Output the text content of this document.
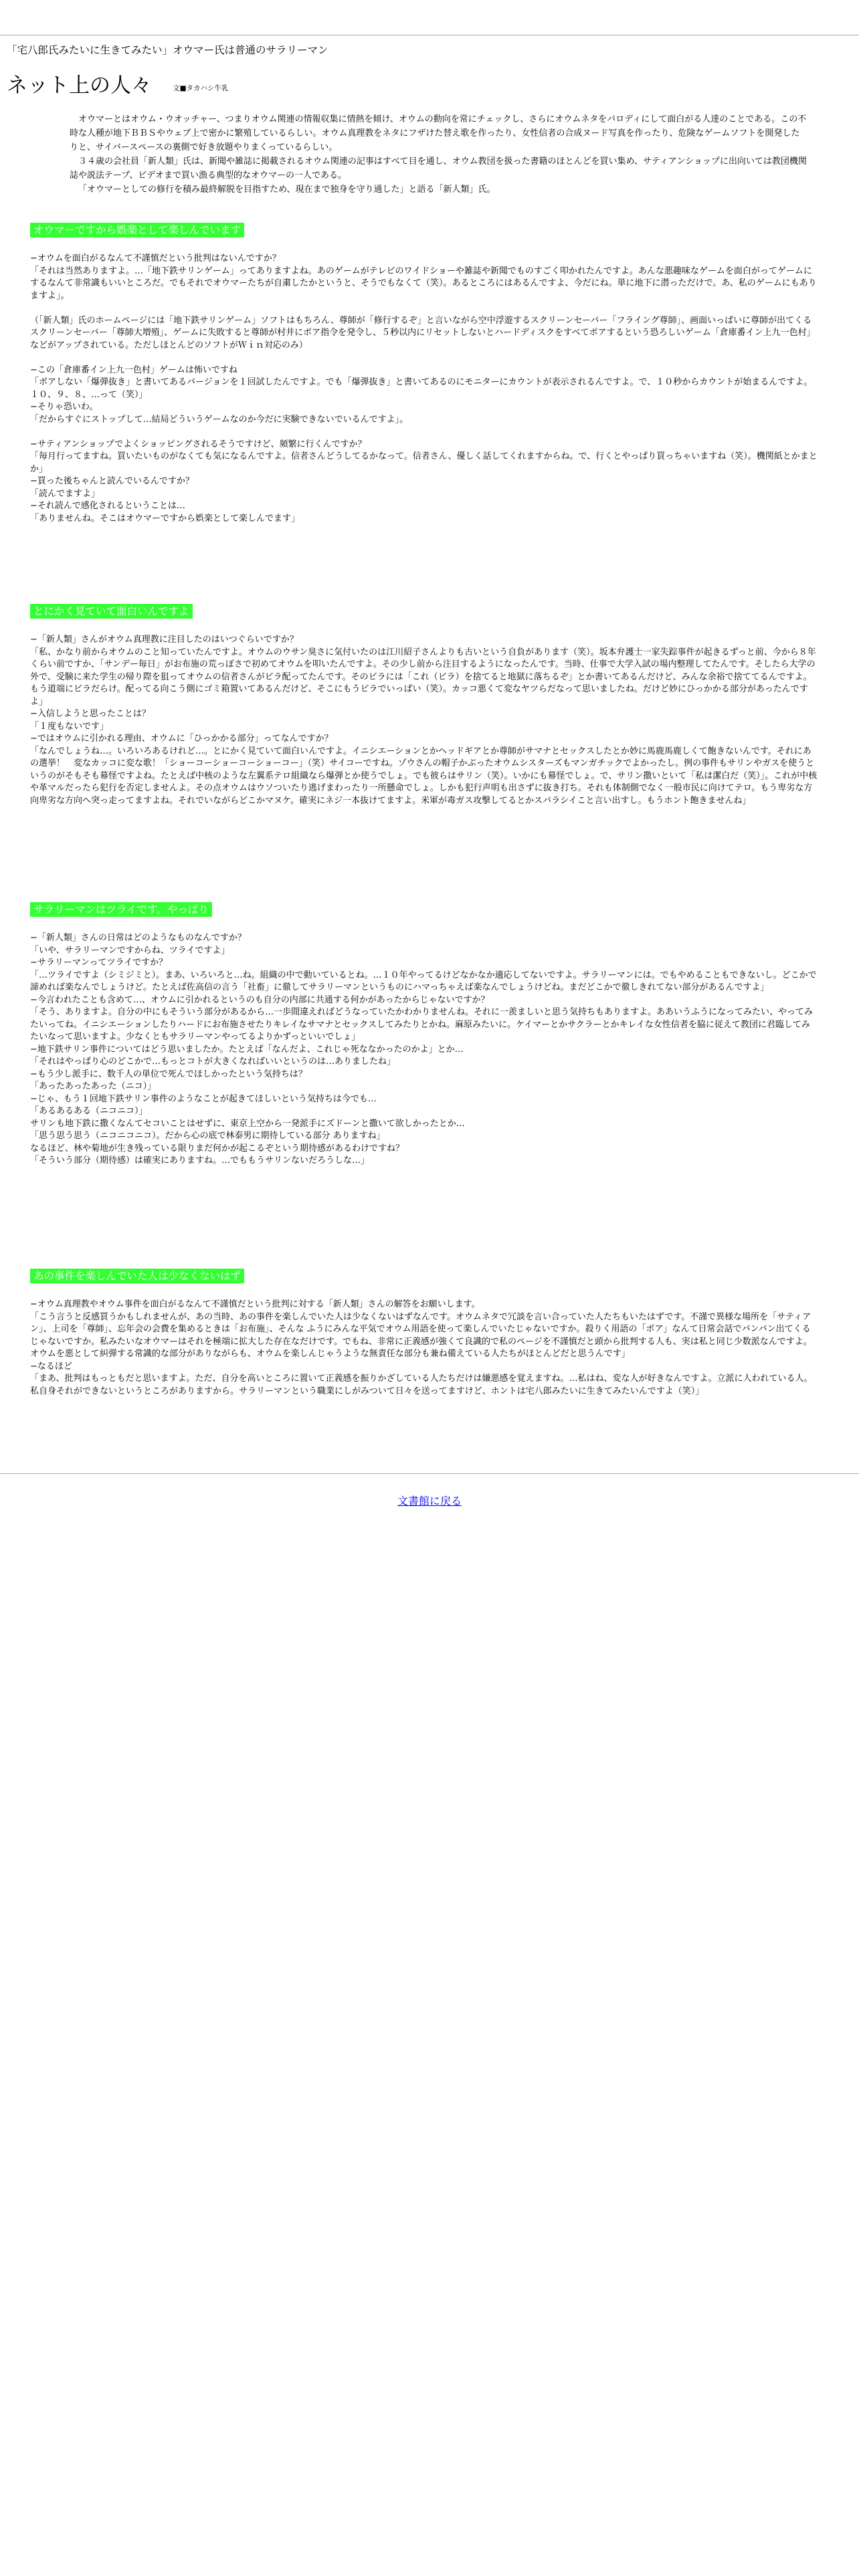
「宅八郎氏みたいに生きてみたい」オウマー氏は普通のサラリーマン

ネット上の人々	文■タカハシ牛乳

オウマーとはオウム・ウオッチャー、つまりオウム関連の情報収集に情熱を傾け、オウムの動向を常にチェックし、さらにオウムネタをパロディにして面白がる人達のことである。この不時な人種が地下ＢＢＳやウェブ上で密かに繁殖しているらしい。オウム真理教をネタにフザけた替え歌を作ったり、女性信者の合成ヌード写真を作ったり、危険なゲームソフトを開発したりと、サイバースペースの裏側で好き放題やりまくっているらしい。

３４歳の会社員「新人類」氏は、新聞や雑誌に掲載されるオウム関連の記事はすべて目を通し、オウム教団を扱った書籍のほとんどを買い集め、サティアンショップに出向いては教団機関誌や説法テープ、ビデオまで買い漁る典型的なオウマーの一人である。

「オウマーとしての修行を積み最終解脱を目指すため、現在まで独身を守り通した」と語る「新人類」氏。

オウマーですから娯楽として楽しんでいます

−オウムを面白がるなんて不謹慎だという批判はないんですか？
「それは当然ありますよ。…「地下鉄サリンゲーム」ってありますよね。あのゲームがテレビのワイドショーや雑誌や新聞でものすごく叩かれたんですよ。あんな悪趣味なゲームを面白がってゲームにするなんて非常識もいいところだ。でもそれでオウマーたちが自粛したかというと、そうでもなくて（笑）。あるところにはあるんですよ、今だにね。単に地下に潜っただけで。あ、私のゲームにもありますよ」。

（「新人類」氏のホームページには「地下鉄サリンゲーム」ソフトはもちろん、尊師が「修行するぞ」と言いながら空中浮遊するスクリーンセーバー「フライング尊師」、画面いっぱいに尊師が出てくるスクリーンセーバー「尊師大増殖」、ゲームに失敗すると尊師が村井にポア指令を発令し、５秒以内にリセットしないとハードディスクをすべてポアするという恐ろしいゲーム「倉庫番イン上九一色村」などがアップされている。ただしほとんどのソフトがＷｉｎ対応のみ）

−この「倉庫番イン上九一色村」ゲームは怖いですね
「ボアしない「爆弾抜き」と書いてあるバージョンを１回試したんですよ。でも「爆弾抜き」と書いてあるのにモニターにカウントが表示されるんですよ。で、１０秒からカウントが始まるんですよ。１０、９、８、…って（笑）」
−そりゃ恐いわ。
「だからすぐにストップして…結局どういうゲームなのか今だに実験できないでいるんですよ」。

−サティアンショップでよくショッピングされるそうですけど、頻繁に行くんですか？
「毎月行ってますね。買いたいものがなくても気になるんですよ。信者さんどうしてるかなって。信者さん、優しく話してくれますからね。で、行くとやっぱり買っちゃいますね（笑）。機関紙とかまとか」
−買った後ちゃんと読んでいるんですか？
「読んでますよ」
−それ読んで感化されるということは…
「ありませんね。そこはオウマーですから娯楽として楽しんでます」

とにかく見ていて面白いんですよ

−「新人類」さんがオウム真理教に注目したのはいつぐらいですか？
「私、かなり前からオウムのこと知っていたんですよ。オウムのウサン臭さに気付いたのは江川紹子さんよりも古いという自負があります（笑）。坂本弁護士一家失踪事件が起きるずっと前、今から８年くらい前ですか、「サンデー毎日」がお布施の荒っぽさで初めてオウムを叩いたんですよ。その少し前から注目するようになったんです。当時、仕事で大学入試の場内整理してたんです。そしたら大学の外で、受験に来た学生の帰り際を狙ってオウムの信者さんがビラ配ってたんです。そのビラには「これ（ビラ）を捨てると地獄に落ちるぞ」とか書いてあるんだけど、みんな余裕で捨ててるんですよ。もう道端にビラだらけ。配ってる向こう側にゴミ箱置いてあるんだけど、そこにもうビラでいっぱい（笑）。カッコ悪くて変なヤツらだなって思いましたね。だけど妙にひっかかる部分があったんですよ」
−入信しようと思ったことは？
「１度もないです」
−ではオウムに引かれる理由、オウムに「ひっかかる部分」ってなんですか？
「なんでしょうね…。いろいろあるけれど…。とにかく見ていて面白いんですよ。イニシエーションとかヘッドギアとか尊師がサマナとセックスしたとか妙に馬鹿馬鹿しくて飽きないんです。それにあの選挙！　変なカッコに変な歌！「ショーコーショーコーショーコー」（笑）サイコーですね。ゾウさんの帽子かぶったオウムシスターズもマンガチックでよかったし。例の事件もサリンやガスを使うというのがそもそも幕怪ですよね。たとえば中核のような左翼系テロ組織なら爆弾とか使うでしょ。でも彼らはサリン（笑）。いかにも幕怪でしょ。で、サリン撒いといて「私は潔白だ（笑）」。これが中核や革マルだったら犯行を否定しませんよ。その点オウムはウソついたり逃げまわったり一所懸命でしょ。しかも犯行声明も出さずに抜き打ち。それも体制側でなく一般市民に向けてテロ。もう卑劣な方向卑劣な方向へ突っ走ってますよね。それでいながらどこかマヌケ。確実にネジ一本抜けてますよ。米軍が毒ガス攻撃してるとかスパラシイこと言い出すし。もうホント飽きませんね」

サラリーマンはツライです。やっぱり

−「新人類」さんの日常はどのようなものなんですか？
「いや、サラリーマンですからね、ツライですよ」
−サラリーマンってツライですか？
「…ツライですよ（シミジミと）。まあ、いろいろと…ね。組織の中で動いているとね。…１０年やってるけどなかなか適応してないですよ。サラリーマンには。でもやめることもできないし。どこかで諦めれば楽なんでしょうけど。たとえば佐高信の言う「社畜」に徹してサラリーマンというものにハマっちゃえば楽なんでしょうけどね。まだどこかで徹しきれてない部分があるんですよ」
−今言われたことも含めて…、オウムに引かれるというのも自分の内部に共通する何かがあったからじゃないですか？
「そう、ありますよ。自分の中にもそういう部分があるから…一歩間違えればどうなっていたかわかりませんね。それに一羨ましいと思う気持ちもありますよ。ああいうふうになってみたい、やってみたいってね。イニシエーションしたりハードにお布施させたりキレイなサマナとセックスしてみたりとかね。麻原みたいに。ケイマーとかサクラーとかキレイな女性信者を脇に従えて教団に君臨してみたいなって思いますよ。少なくともサラリーマンやってるよりかずっといいでしょ」
−地下鉄サリン事件についてはどう思いましたか。たとえば「なんだよ、これじゃ死ななかったのかよ」とか…
「それはやっぱり心のどこかで…もっとコトが大きくなればいいというのは…ありましたね」
−もう少し派手に、数千人の単位で死んでほしかったという気持ちは？
「あったあったあった（ニコ）」
−じゃ、もう１回地下鉄サリン事件のようなことが起きてほしいという気持ちは今でも…
「あるあるある（ニコニコ）」
サリンも地下鉄に撒くなんてセコいことはせずに、東京上空から一発派手にズドーンと撒いて欲しかったとか…
「思う思う思う（ニコニコニコ）。だから心の底で林泰男に期待している部分 ありますね」
なるほど、林や菊地が生き残っている限りまだ何かが起こるぞという期待感があるわけですね？
「そういう部分（期待感）は確実にありますね。…でももうサリンないだろうしな…」

あの事件を楽しんでいた人は少なくないはず

−オウム真理教やオウム事件を面白がるなんて不謹慎だという批判に対する「新人類」さんの解答をお願いします。
「こう言うと反感買うかもしれませんが、あの当時、あの事件を楽しんでいた人は少なくないはずなんです。オウムネタで冗談を言い合っていた人たちもいたはずです。不謹で異様な場所を「サティアン」、上司を「尊師」、忘年会の会費を集めるときは「お布施」、そんな ふうにみんな平気でオウム用語を使って楽しんでいたじゃないですか。殺りく用語の「ポア」なんて日常会話でバンバン出てくるじゃないですか。私みたいなオウマーはそれを極端に拡大した存在なだけです。でもね、非常に正義感が強くて良識的で私のページを不謹慎だと頭から批判する人も、実は私と同じ少数派なんですよ。オウムを悪として糾弾する常識的な部分がありながらも、オウムを楽しんじゃうような無責任な部分も兼ね備えている人たちがほとんどだと思うんです」
−なるほど
「まあ、批判はもっともだと思いますよ。ただ、自分を高いところに置いて正義感を振りかざしている人たちだけは嫌悪感を覚えますね。…私はね、変な人が好きなんですよ。立派に人われている人。私自身それができないというところがありますから。サラリーマンという職業にしがみついて日々を送ってますけど、ホントは宅八郎みたいに生きてみたいんですよ（笑）」

文書館に戻る
